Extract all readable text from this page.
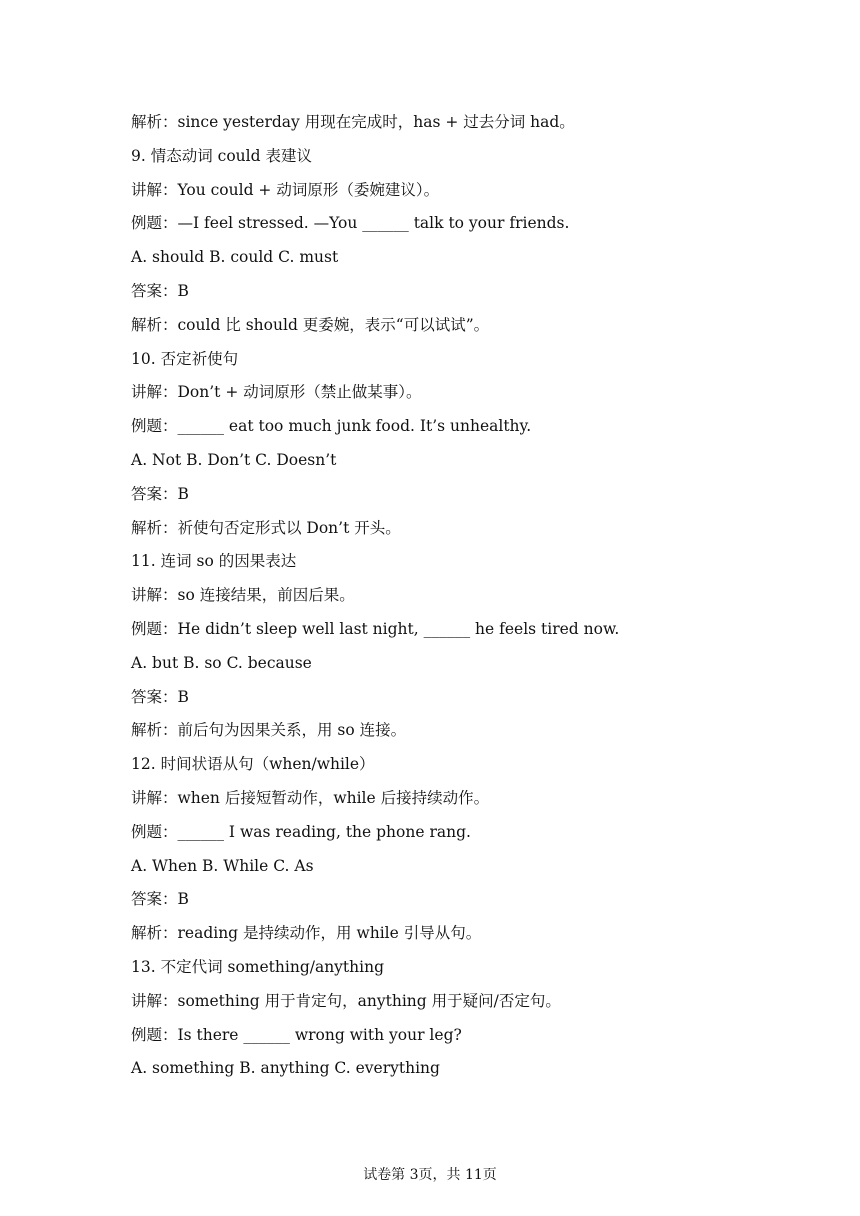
解析：since yesterday 用现在完成时，has + 过去分词 had。
9. 情态动词 could 表建议
讲解：You could + 动词原形（委婉建议）。
例题：—I feel stressed. —You ______ talk to your friends.
A. should B. could C. must
答案：B
解析：could 比 should 更委婉，表示“可以试试”。
10. 否定祈使句
讲解：Don’t + 动词原形（禁止做某事）。
例题：______ eat too much junk food. It’s unhealthy.
A. Not B. Don’t C. Doesn’t
答案：B
解析：祈使句否定形式以 Don’t 开头。
11. 连词 so 的因果表达
讲解：so 连接结果，前因后果。
例题：He didn’t sleep well last night, ______ he feels tired now.
A. but B. so C. because
答案：B
解析：前后句为因果关系，用 so 连接。
12. 时间状语从句（when/while）
讲解：when 后接短暂动作，while 后接持续动作。
例题：______ I was reading, the phone rang.
A. When B. While C. As
答案：B
解析：reading 是持续动作，用 while 引导从句。
13. 不定代词 something/anything
讲解：something 用于肯定句，anything 用于疑问/否定句。
例题：Is there ______ wrong with your leg?
A. something B. anything C. everything
试卷第 3页，共 11页
